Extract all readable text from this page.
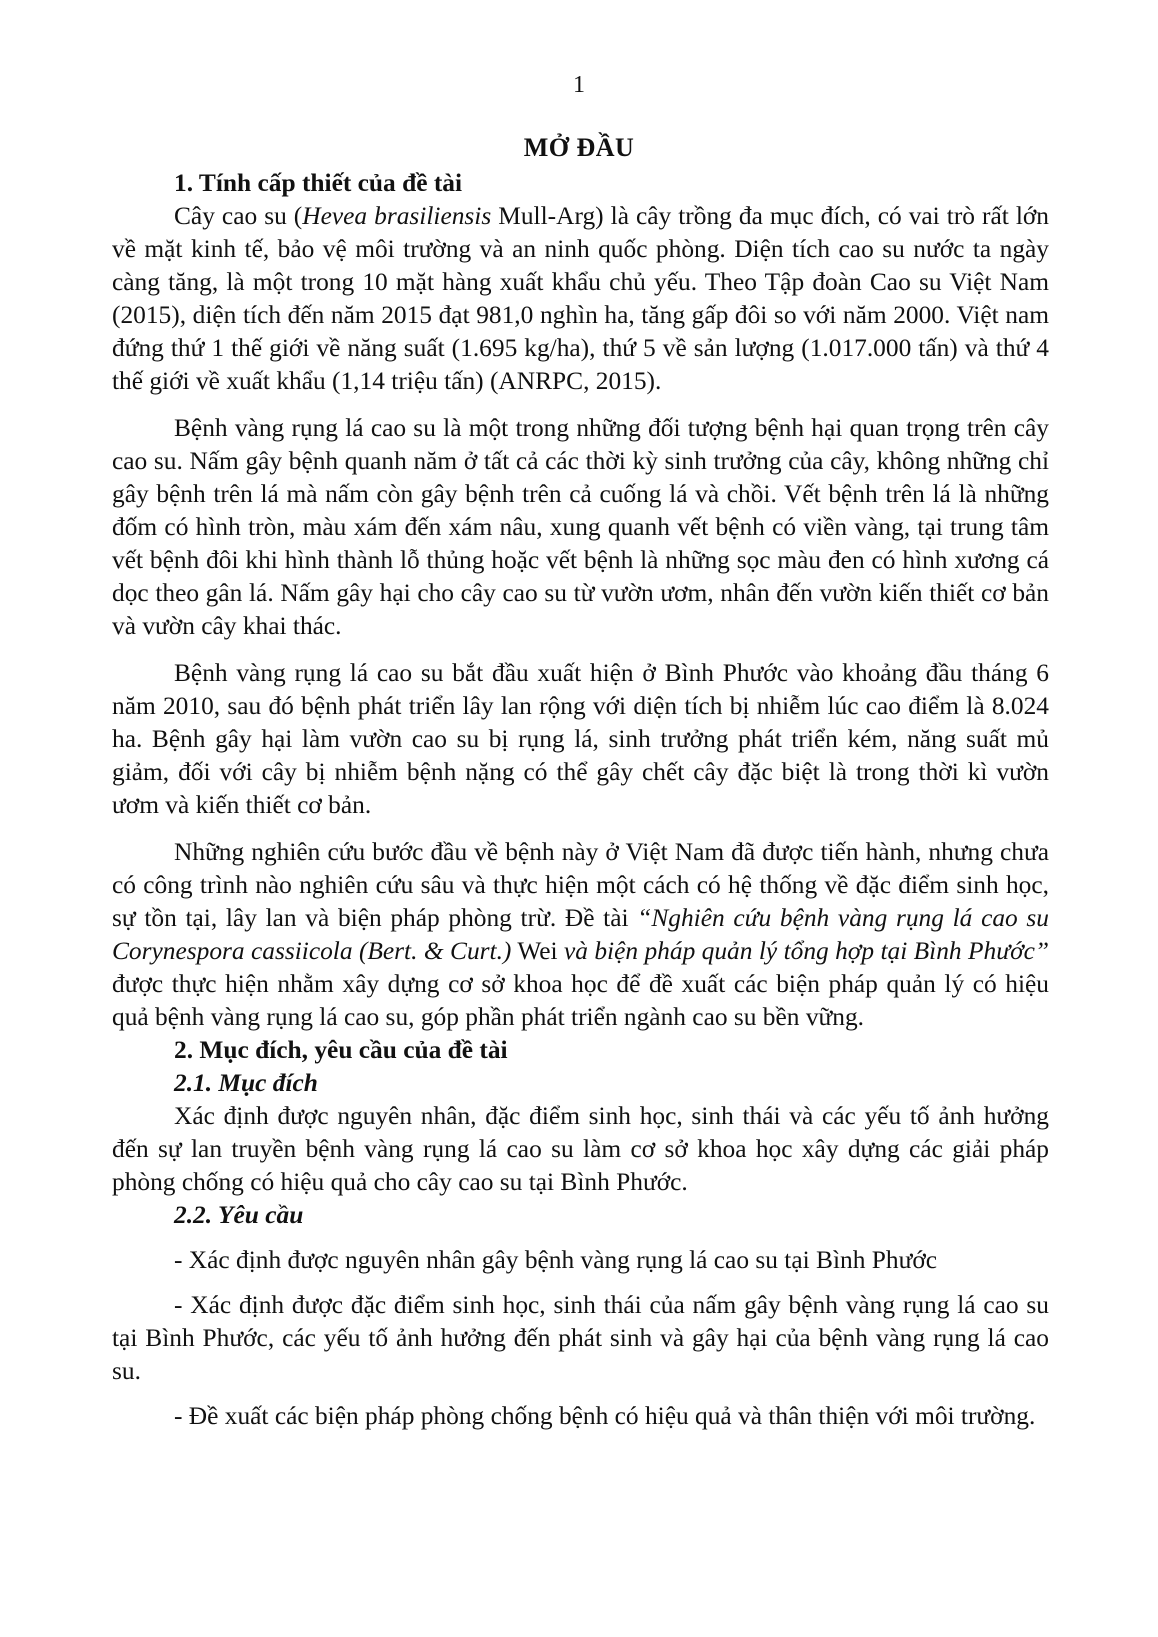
1
MỞ ĐẦU
1. Tính cấp thiết của đề tài

Cây cao su (Hevea brasiliensis Mull-Arg) là cây trồng đa mục đích, có vai trò rất lớn về mặt kinh tế, bảo vệ môi trường và an ninh quốc phòng. Diện tích cao su nước ta ngày càng tăng, là một trong 10 mặt hàng xuất khẩu chủ yếu. Theo Tập đoàn Cao su Việt Nam (2015), diện tích đến năm 2015 đạt 981,0 nghìn ha, tăng gấp đôi so với năm 2000. Việt nam đứng thứ 1 thế giới về năng suất (1.695 kg/ha), thứ 5 về sản lượng (1.017.000 tấn) và thứ 4 thế giới về xuất khẩu (1,14 triệu tấn) (ANRPC, 2015).

Bệnh vàng rụng lá cao su là một trong những đối tượng bệnh hại quan trọng trên cây cao su. Nấm gây bệnh quanh năm ở tất cả các thời kỳ sinh trưởng của cây, không những chỉ gây bệnh trên lá mà nấm còn gây bệnh trên cả cuống lá và chồi. Vết bệnh trên lá là những đốm có hình tròn, màu xám đến xám nâu, xung quanh vết bệnh có viền vàng, tại trung tâm vết bệnh đôi khi hình thành lỗ thủng hoặc vết bệnh là những sọc màu đen có hình xương cá dọc theo gân lá. Nấm gây hại cho cây cao su từ vườn ươm, nhân đến vườn kiến thiết cơ bản và vườn cây khai thác.

Bệnh vàng rụng lá cao su bắt đầu xuất hiện ở Bình Phước vào khoảng đầu tháng 6 năm 2010, sau đó bệnh phát triển lây lan rộng với diện tích bị nhiễm lúc cao điểm là 8.024 ha. Bệnh gây hại làm vườn cao su bị rụng lá, sinh trưởng phát triển kém, năng suất mủ giảm, đối với cây bị nhiễm bệnh nặng có thể gây chết cây đặc biệt là trong thời kì vườn ươm và kiến thiết cơ bản.

Những nghiên cứu bước đầu về bệnh này ở Việt Nam đã được tiến hành, nhưng chưa có công trình nào nghiên cứu sâu và thực hiện một cách có hệ thống về đặc điểm sinh học, sự tồn tại, lây lan và biện pháp phòng trừ. Đề tài “Nghiên cứu bệnh vàng rụng lá cao su Corynespora cassiicola (Bert. & Curt.) Wei và biện pháp quản lý tổng hợp tại Bình Phước” được thực hiện nhằm xây dựng cơ sở khoa học để đề xuất các biện pháp quản lý có hiệu quả bệnh vàng rụng lá cao su, góp phần phát triển ngành cao su bền vững.

2. Mục đích, yêu cầu của đề tài
2.1. Mục đích

Xác định được nguyên nhân, đặc điểm sinh học, sinh thái và các yếu tố ảnh hưởng đến sự lan truyền bệnh vàng rụng lá cao su làm cơ sở khoa học xây dựng các giải pháp phòng chống có hiệu quả cho cây cao su tại Bình Phước.

2.2. Yêu cầu

- Xác định được nguyên nhân gây bệnh vàng rụng lá cao su tại Bình Phước

- Xác định được đặc điểm sinh học, sinh thái của nấm gây bệnh vàng rụng lá cao su tại Bình Phước, các yếu tố ảnh hưởng đến phát sinh và gây hại của bệnh vàng rụng lá cao su.

- Đề xuất các biện pháp phòng chống bệnh có hiệu quả và thân thiện với môi trường.
